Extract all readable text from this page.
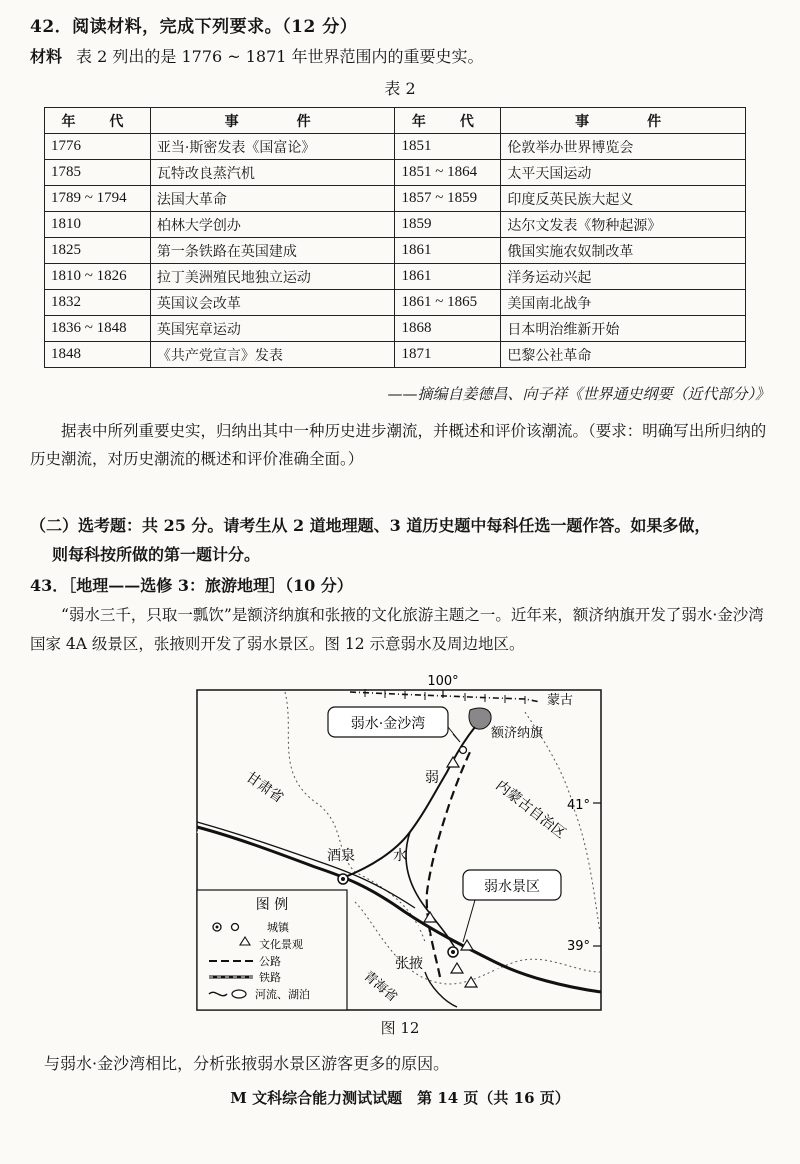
42．阅读材料，完成下列要求。（12 分）
材料 表 2 列出的是 1776 ~ 1871 年世界范围内的重要史实。
表 2
年　代	事　　件	年　代	事　　件
1776	亚当·斯密发表《国富论》	1851	伦敦举办世界博览会
1785	瓦特改良蒸汽机	1851 ~ 1864	太平天国运动
1789 ~ 1794	法国大革命	1857 ~ 1859	印度反英民族大起义
1810	柏林大学创办	1859	达尔文发表《物种起源》
1825	第一条铁路在英国建成	1861	俄国实施农奴制改革
1810 ~ 1826	拉丁美洲殖民地独立运动	1861	洋务运动兴起
1832	英国议会改革	1861 ~ 1865	美国南北战争
1836 ~ 1848	英国宪章运动	1868	日本明治维新开始
1848	《共产党宣言》发表	1871	巴黎公社革命
——摘编自姜德昌、向子祥《世界通史纲要（近代部分）》
据表中所列重要史实，归纳出其中一种历史进步潮流，并概述和评价该潮流。（要求：明确写出所归纳的历史潮流，对历史潮流的概述和评价准确全面。）
（二）选考题：共 25 分。请考生从 2 道地理题、3 道历史题中每科任选一题作答。如果多做，
则每科按所做的第一题计分。
43．［地理——选修 3：旅游地理］（10 分）
“弱水三千，只取一瓢饮”是额济纳旗和张掖的文化旅游主题之一。近年来，额济纳旗开发了弱水·金沙湾国家 4A 级景区，张掖则开发了弱水景区。图 12 示意弱水及周边地区。
100°
41°
39°
蒙古
甘肃省	内蒙古自治区
弱
水
酒泉
张掖
青海省
额济纳旗
弱水·金沙湾
弱水景区
图 例
城镇
文化景观
公路
铁路
河流、湖泊
图 12
与弱水·金沙湾相比，分析张掖弱水景区游客更多的原因。
M 文科综合能力测试试题　第 14 页（共 16 页）
